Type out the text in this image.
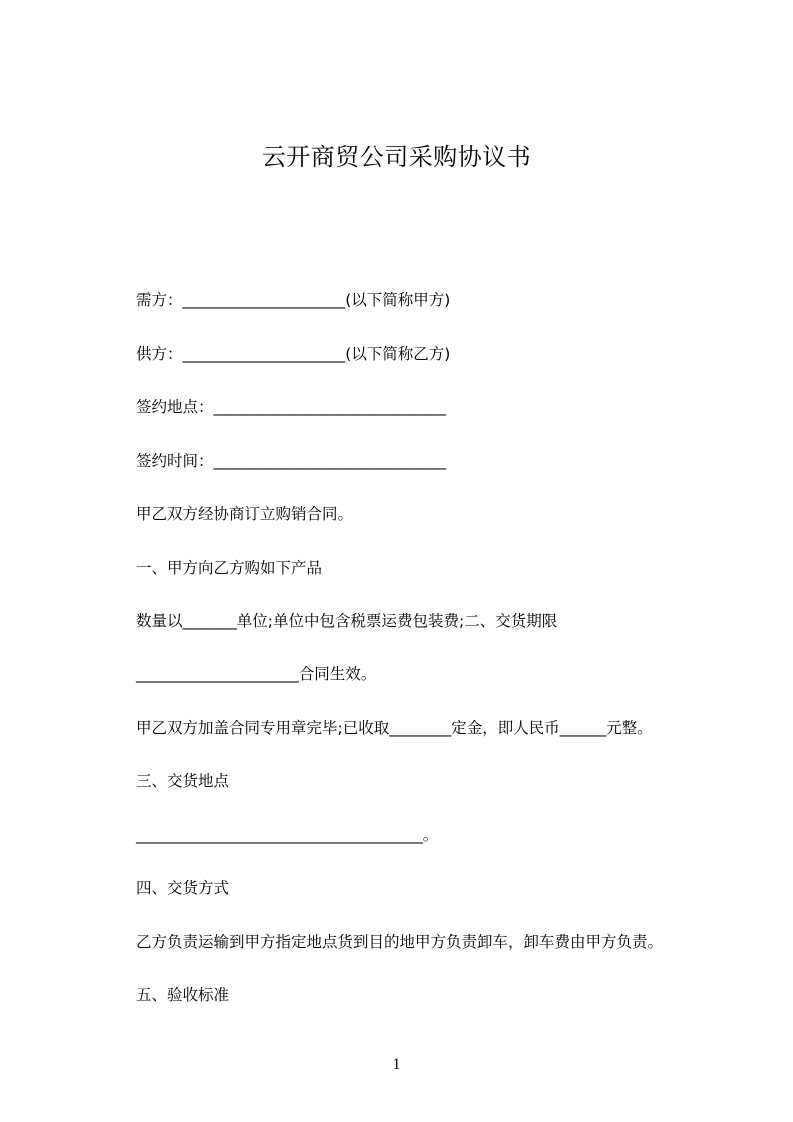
云开商贸公司采购协议书
需方：_____________________(以下简称甲方)
供方：_____________________(以下简称乙方)
签约地点：______________________________
签约时间：______________________________
甲乙双方经协商订立购销合同。
一、甲方向乙方购如下产品
数量以_______单位;单位中包含税票运费包装费;二、交货期限
_____________________合同生效。
甲乙双方加盖合同专用章完毕;已收取________定金，即人民币______元整。
三、交货地点
_____________________________________。
四、交货方式
乙方负责运输到甲方指定地点货到目的地甲方负责卸车，卸车费由甲方负责。
五、验收标准
1
